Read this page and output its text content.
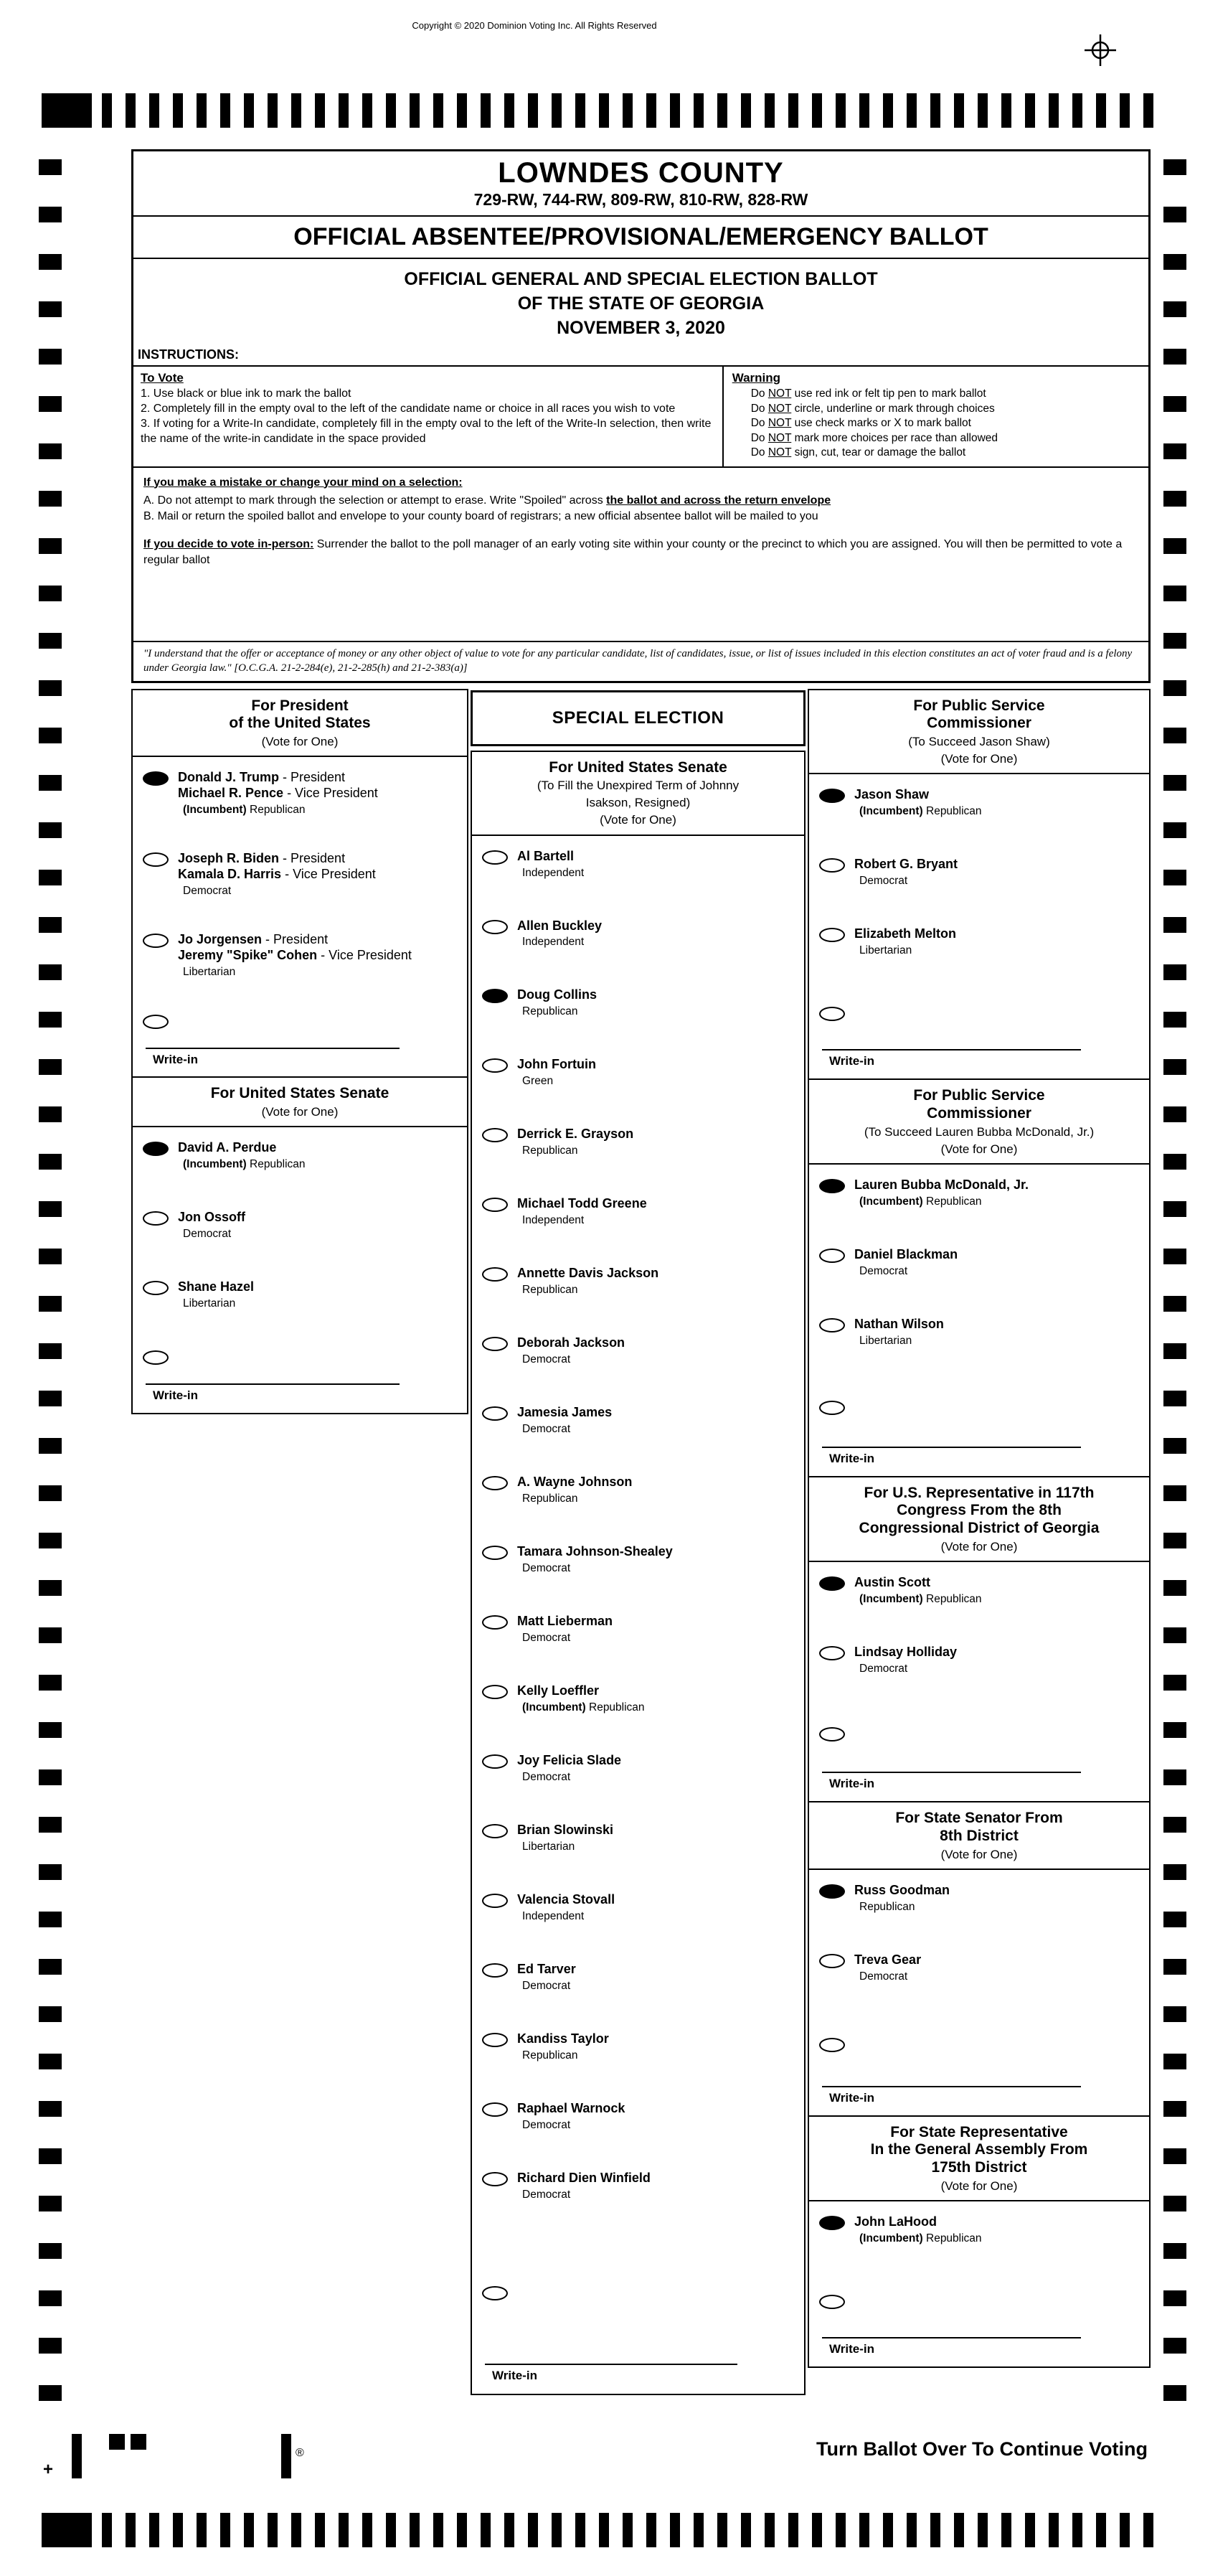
Copyright © 2020 Dominion Voting Inc. All Rights Reserved
LOWNDES COUNTY
729-RW, 744-RW, 809-RW, 810-RW, 828-RW
OFFICIAL ABSENTEE/PROVISIONAL/EMERGENCY BALLOT
OFFICIAL GENERAL AND SPECIAL ELECTION BALLOT
OF THE STATE OF GEORGIA
NOVEMBER 3, 2020
INSTRUCTIONS:
To Vote
1. Use black or blue ink to mark the ballot
2. Completely fill in the empty oval to the left of the candidate name or choice in all races you wish to vote
3. If voting for a Write-In candidate, completely fill in the empty oval to the left of the Write-In selection, then write the name of the write-in candidate in the space provided
Warning
Do NOT use red ink or felt tip pen to mark ballot
Do NOT circle, underline or mark through choices
Do NOT use check marks or X to mark ballot
Do NOT mark more choices per race than allowed
Do NOT sign, cut, tear or damage the ballot
If you make a mistake or change your mind on a selection:
A. Do not attempt to mark through the selection or attempt to erase. Write "Spoiled" across the ballot and across the return envelope
B. Mail or return the spoiled ballot and envelope to your county board of registrars; a new official absentee ballot will be mailed to you
If you decide to vote in-person: Surrender the ballot to the poll manager of an early voting site within your county or the precinct to which you are assigned. You will then be permitted to vote a regular ballot
"I understand that the offer or acceptance of money or any other object of value to vote for any particular candidate, list of candidates, issue, or list of issues included in this election constitutes an act of voter fraud and is a felony under Georgia law." [O.C.G.A. 21-2-284(e), 21-2-285(h) and 21-2-383(a)]
For President
of the United States
(Vote for One)
Donald J. Trump - President
Michael R. Pence - Vice President
(Incumbent) Republican
Joseph R. Biden - President
Kamala D. Harris - Vice President
Democrat
Jo Jorgensen - President
Jeremy "Spike" Cohen - Vice President
Libertarian
Write-in
For United States Senate
(Vote for One)
David A. Perdue
(Incumbent) Republican
Jon Ossoff
Democrat
Shane Hazel
Libertarian
Write-in
SPECIAL ELECTION
For United States Senate
(To Fill the Unexpired Term of Johnny
Isakson, Resigned)
(Vote for One)
Al Bartell
Independent
Allen Buckley
Independent
Doug Collins
Republican
John Fortuin
Green
Derrick E. Grayson
Republican
Michael Todd Greene
Independent
Annette Davis Jackson
Republican
Deborah Jackson
Democrat
Jamesia James
Democrat
A. Wayne Johnson
Republican
Tamara Johnson-Shealey
Democrat
Matt Lieberman
Democrat
Kelly Loeffler
(Incumbent) Republican
Joy Felicia Slade
Democrat
Brian Slowinski
Libertarian
Valencia Stovall
Independent
Ed Tarver
Democrat
Kandiss Taylor
Republican
Raphael Warnock
Democrat
Richard Dien Winfield
Democrat
Write-in
For Public Service
Commissioner
(To Succeed Jason Shaw)
(Vote for One)
Jason Shaw
(Incumbent) Republican
Robert G. Bryant
Democrat
Elizabeth Melton
Libertarian
Write-in
For Public Service
Commissioner
(To Succeed Lauren Bubba McDonald, Jr.)
(Vote for One)
Lauren Bubba McDonald, Jr.
(Incumbent) Republican
Daniel Blackman
Democrat
Nathan Wilson
Libertarian
Write-in
For U.S. Representative in 117th
Congress From the 8th
Congressional District of Georgia
(Vote for One)
Austin Scott
(Incumbent) Republican
Lindsay Holliday
Democrat
Write-in
For State Senator From
8th District
(Vote for One)
Russ Goodman
Republican
Treva Gear
Democrat
Write-in
For State Representative
In the General Assembly From
175th District
(Vote for One)
John LaHood
(Incumbent) Republican
Write-in
®
+
Turn Ballot Over To Continue Voting
